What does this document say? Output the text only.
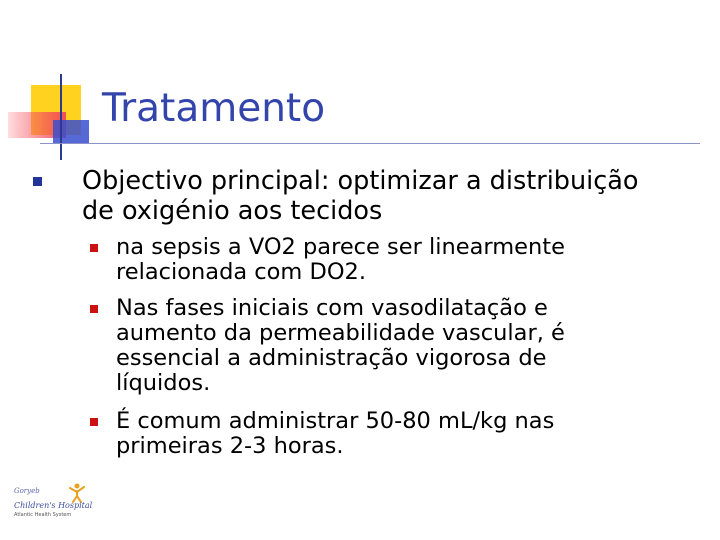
Tratamento
Objectivo principal: optimizar a distribuição de oxigénio aos tecidos
na sepsis a VO2 parece ser linearmente relacionada com DO2.
Nas fases iniciais com vasodilatação e aumento da permeabilidade vascular, é essencial a administração vigorosa de líquidos.
É comum administrar 50-80 mL/kg nas primeiras 2-3 horas.
Goryeb
Children's Hospital
Atlantic Health System
